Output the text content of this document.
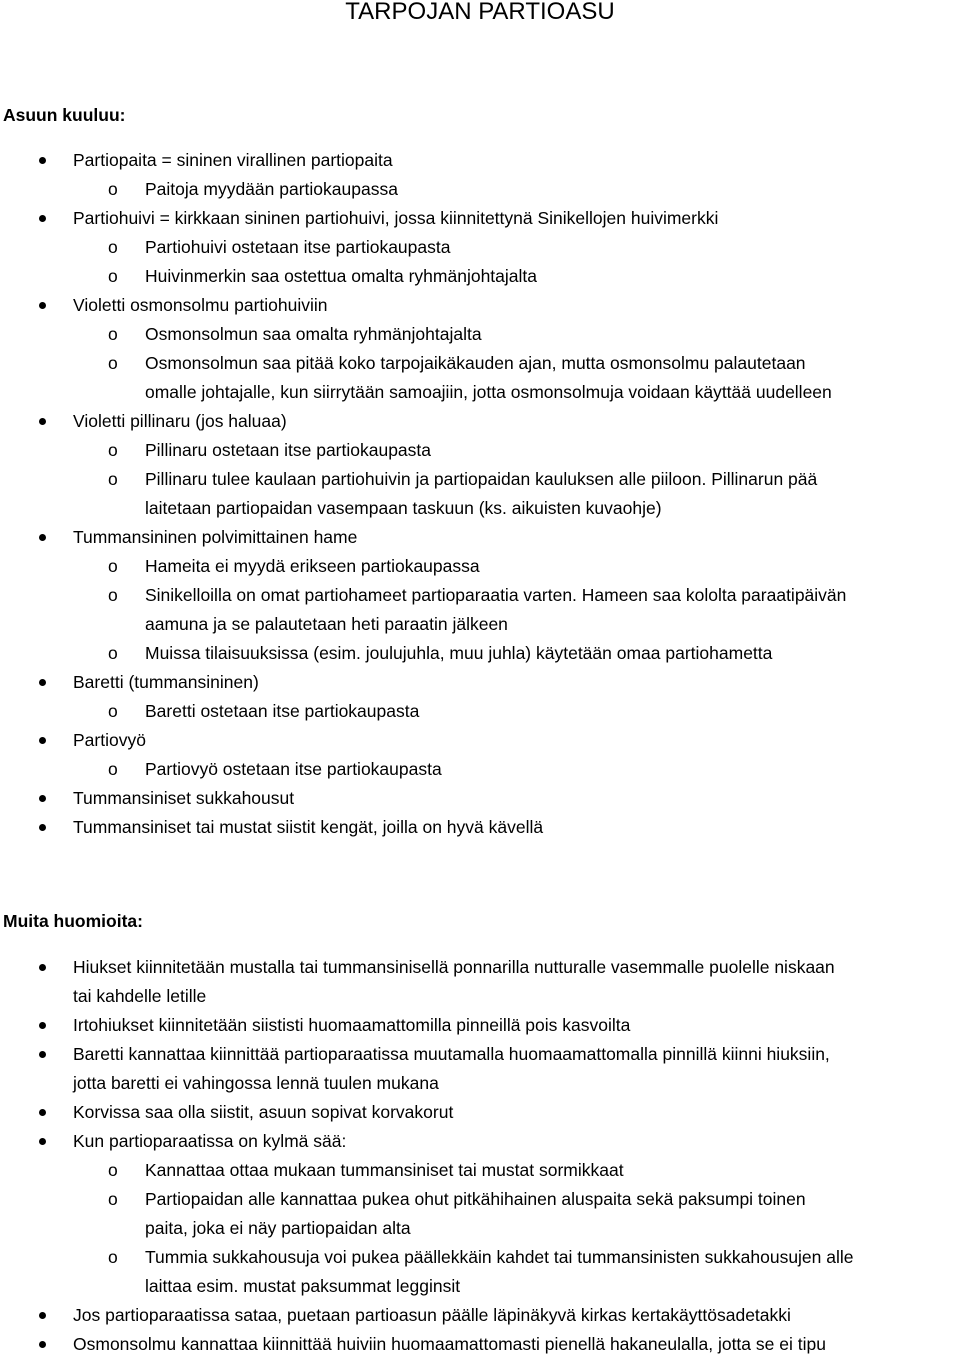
TARPOJAN PARTIOASU
Asuun kuuluu:
Partiopaita = sininen virallinen partiopaita
o	Paitoja myydään partiokaupassa
Partiohuivi = kirkkaan sininen partiohuivi, jossa kiinnitettynä Sinikellojen huivimerkki
o	Partiohuivi ostetaan itse partiokaupasta
o	Huivinmerkin saa ostettua omalta ryhmänjohtajalta
Violetti osmonsolmu partiohuiviin
o	Osmonsolmun saa omalta ryhmänjohtajalta
o Osmonsolmun saa pitää koko tarpojaikäkauden ajan, mutta osmonsolmu palautetaan
omalle johtajalle, kun siirrytään samoajiin, jotta osmonsolmuja voidaan käyttää uudelleen
Violetti pillinaru (jos haluaa)
o	Pillinaru ostetaan itse partiokaupasta
o Pillinaru tulee kaulaan partiohuivin ja partiopaidan kauluksen alle piiloon. Pillinarun pää
laitetaan partiopaidan vasempaan taskuun (ks. aikuisten kuvaohje)
Tummansininen polvimittainen hame
o	Hameita ei myydä erikseen partiokaupassa
o Sinikelloilla on omat partiohameet partioparaatia varten. Hameen saa kololta paraatipäivän
aamuna ja se palautetaan heti paraatin jälkeen
o	Muissa tilaisuuksissa (esim. joulujuhla, muu juhla) käytetään omaa partiohametta
Baretti (tummansininen)
o	Baretti ostetaan itse partiokaupasta
Partiovyö
o	Partiovyö ostetaan itse partiokaupasta
Tummansiniset sukkahousut
Tummansiniset tai mustat siistit kengät, joilla on hyvä kävellä
Muita huomioita:
Hiukset kiinnitetään mustalla tai tummansinisellä ponnarilla nutturalle vasemmalle puolelle niskaan
tai kahdelle letille
Irtohiukset kiinnitetään siististi huomaamattomilla pinneillä pois kasvoilta
Baretti kannattaa kiinnittää partioparaatissa muutamalla huomaamattomalla pinnillä kiinni hiuksiin,
jotta baretti ei vahingossa lennä tuulen mukana
Korvissa saa olla siistit, asuun sopivat korvakorut
Kun partioparaatissa on kylmä sää:
o	Kannattaa ottaa mukaan tummansiniset tai mustat sormikkaat
o Partiopaidan alle kannattaa pukea ohut pitkähihainen aluspaita sekä paksumpi toinen
paita, joka ei näy partiopaidan alta
o Tummia sukkahousuja voi pukea päällekkäin kahdet tai tummansinisten sukkahousujen alle
laittaa esim. mustat paksummat legginsit
Jos partioparaatissa sataa, puetaan partioasun päälle läpinäkyvä kirkas kertakäyttösadetakki
Osmonsolmu kannattaa kiinnittää huiviin huomaamattomasti pienellä hakaneulalla, jotta se ei tipu
